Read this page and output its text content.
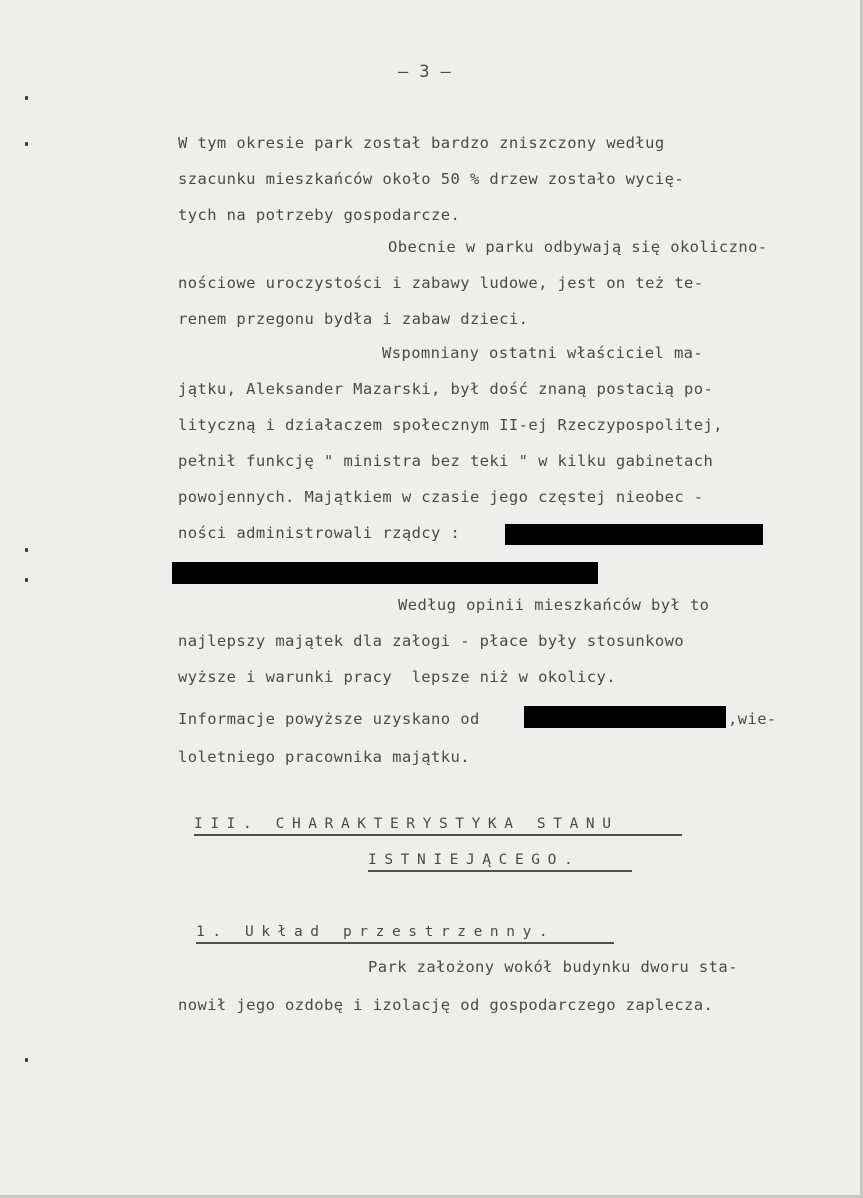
— 3 —
W tym okresie park został bardzo zniszczony według
szacunku mieszkańców około 50 % drzew zostało wycię-
tych na potrzeby gospodarcze.
Obecnie w parku odbywają się okoliczno-
nościowe uroczystości i zabawy ludowe, jest on też te-
renem przegonu bydła i zabaw dzieci.
Wspomniany ostatni właściciel ma-
jątku, Aleksander Mazarski, był dość znaną postacią po-
lityczną i działaczem społecznym II-ej Rzeczypospolitej,
pełnił funkcję " ministra bez teki " w kilku gabinetach
powojennych. Majątkiem w czasie jego częstej nieobec -
ności administrowali rządcy :
Według opinii mieszkańców był to
najlepszy majątek dla załogi - płace były stosunkowo
wyższe i warunki pracy  lepsze niż w okolicy.
Informacje powyższe uzyskano od	,wie-
loletniego pracownika majątku.
III. CHARAKTERYSTYKA STANU
ISTNIEJĄCEGO.
1. Układ przestrzenny.
Park założony wokół budynku dworu sta-
nowił jego ozdobę i izolację od gospodarczego zaplecza.
